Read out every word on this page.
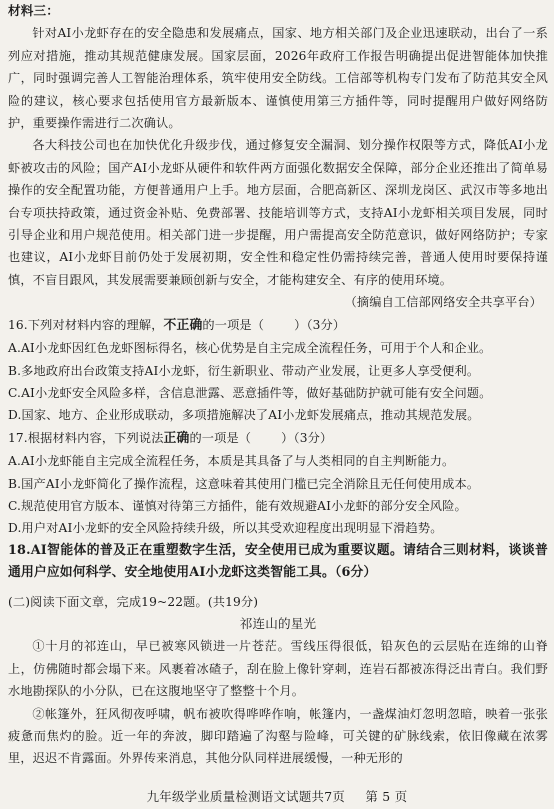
材料三：

针对AI小龙虾存在的安全隐患和发展痛点，国家、地方相关部门及企业迅速联动，出台了一系列应对措施，推动其规范健康发展。国家层面，2026年政府工作报告明确提出促进智能体加快推广，同时强调完善人工智能治理体系，筑牢使用安全防线。工信部等机构专门发布了防范其安全风险的建议，核心要求包括使用官方最新版本、谨慎使用第三方插件等，同时提醒用户做好网络防护，重要操作需进行二次确认。

各大科技公司也在加快优化升级步伐，通过修复安全漏洞、划分操作权限等方式，降低AI小龙虾被攻击的风险；国产AI小龙虾从硬件和软件两方面强化数据安全保障，部分企业还推出了简单易操作的安全配置功能，方便普通用户上手。地方层面，合肥高新区、深圳龙岗区、武汉市等多地出台专项扶持政策，通过资金补贴、免费部署、技能培训等方式，支持AI小龙虾相关项目发展，同时引导企业和用户规范使用。相关部门进一步提醒，用户需提高安全防范意识，做好网络防护；专家也建议，AI小龙虾目前仍处于发展初期，安全性和稳定性仍需持续完善，普通人使用时要保持谨慎，不盲目跟风，其发展需要兼顾创新与安全，才能构建安全、有序的使用环境。

（摘编自工信部网络安全共享平台）

16.下列对材料内容的理解，不正确的一项是（ ）（3分）

A.AI小龙虾因红色龙虾图标得名，核心优势是自主完成全流程任务，可用于个人和企业。

B.多地政府出台政策支持AI小龙虾，衍生新职业、带动产业发展，让更多人享受便利。

C.AI小龙虾安全风险多样，含信息泄露、恶意插件等，做好基础防护就可能有安全问题。

D.国家、地方、企业形成联动，多项措施解决了AI小龙虾发展痛点，推动其规范发展。

17.根据材料内容，下列说法正确的一项是（ ）（3分）

A.AI小龙虾能自主完成全流程任务，本质是其具备了与人类相同的自主判断能力。

B.国产AI小龙虾简化了操作流程，这意味着其使用门槛已完全消除且无任何使用成本。

C.规范使用官方版本、谨慎对待第三方插件，能有效规避AI小龙虾的部分安全风险。

D.用户对AI小龙虾的安全风险持续升级，所以其受欢迎程度出现明显下滑趋势。

18.AI智能体的普及正在重塑数字生活，安全使用已成为重要议题。请结合三则材料，谈谈普通用户应如何科学、安全地使用AI小龙虾这类智能工具。（6分）

(二)阅读下面文章，完成19~22题。(共19分)

祁连山的星光

①十月的祁连山，早已被寒风锁进一片苍茫。雪线压得很低，铅灰色的云层贴在连绵的山脊上，仿佛随时都会塌下来。风裹着冰碴子，刮在脸上像针穿刺，连岩石都被冻得泛出青白。我们野水地勘探队的小分队，已在这腹地坚守了整整十个月。

②帐篷外，狂风彻夜呼啸，帆布被吹得哗哗作响，帐篷内，一盏煤油灯忽明忽暗，映着一张张疲惫而焦灼的脸。近一年的奔波，脚印踏遍了沟壑与险峰，可关键的矿脉线索，依旧像藏在浓雾里，迟迟不肯露面。外界传来消息，其他分队同样进展缓慢，一种无形的

九年级学业质量检测语文试题共7页 第 5 页
